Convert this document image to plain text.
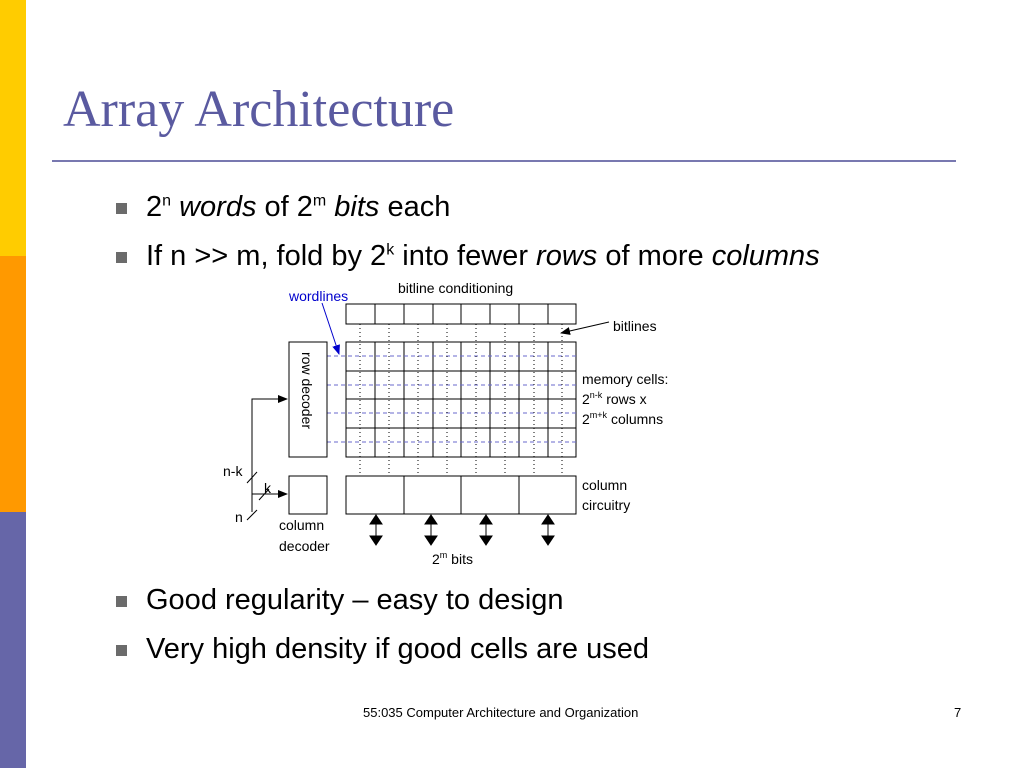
Array Architecture
2$^n$ words of 2$^m$ bits each
If n >> m, fold by 2$^k$ into fewer rows of more columns
row decoder
wordlines	bitline conditioning
bitlines
memory cells:
2$^{n-k}$ rows x
$2^{m+k}$ columns
n-k
k
n	column
decoder
column
circuitry
2$^m$ bits
Good regularity – easy to design
Very high density if good cells are used
55:035 Computer Architecture and Organization	7
